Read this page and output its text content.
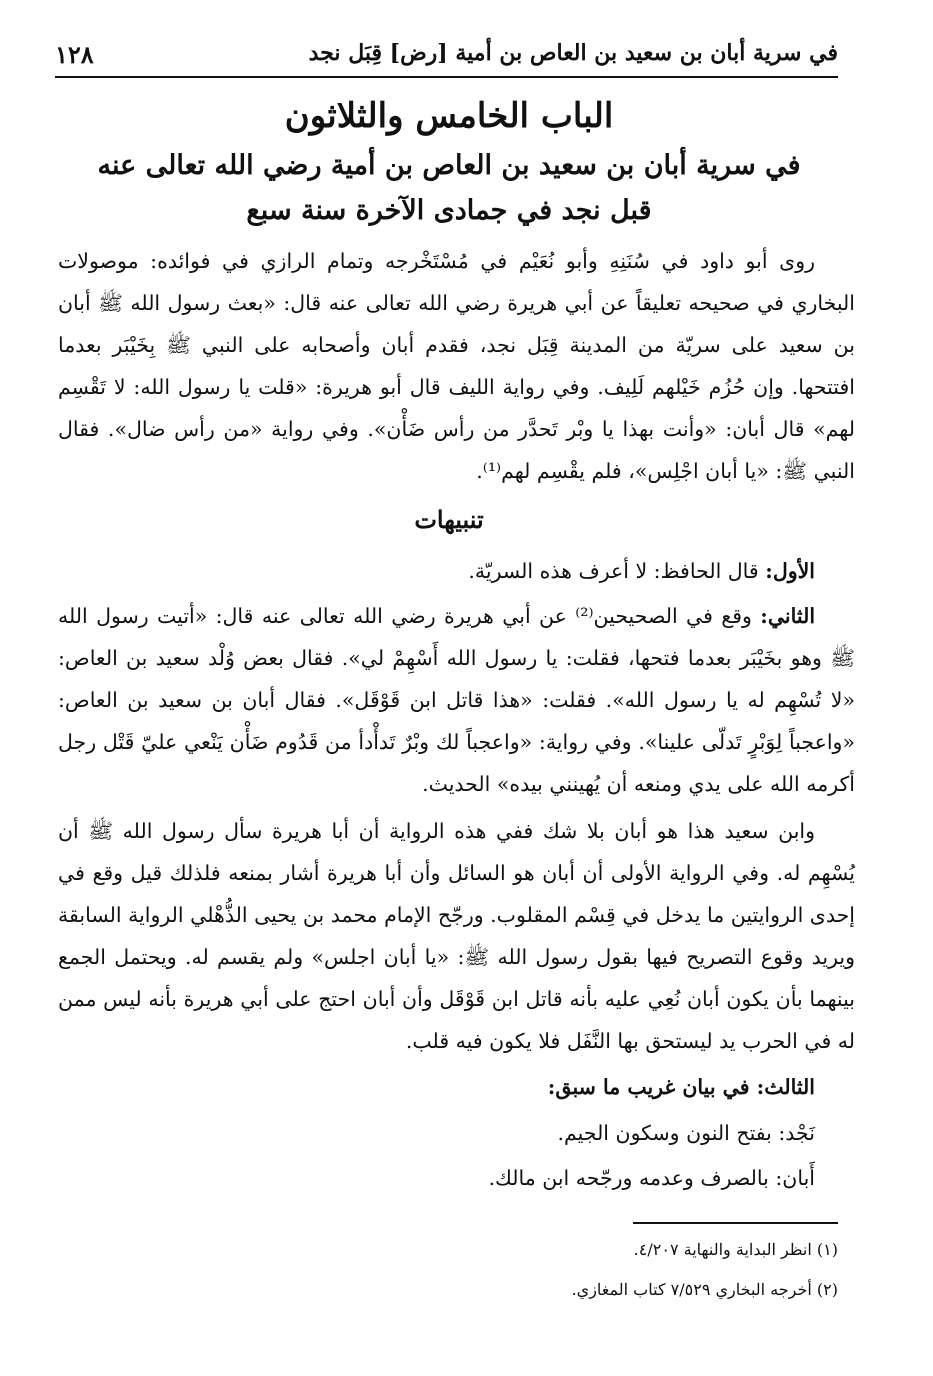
في سرية أبان بن سعيد بن العاص بن أمية [رض] قِبَل نجد
١٢٨
الباب الخامس والثلاثون
في سرية أبان بن سعيد بن العاص بن أمية رضي الله تعالى عنه
قبل نجد في جمادى الآخرة سنة سبع

روى أبو داود في سُنَنِهِ وأبو نُعَيْم في مُسْتَخْرجه وتمام الرازي في فوائده: موصولات البخاري في صحيحه تعليقاً عن أبي هريرة رضي الله تعالى عنه قال: «بعث رسول الله ﷺ أبان بن سعيد على سريّة من المدينة قِبَل نجد، فقدم أبان وأصحابه على النبي ﷺ بِخَيْبَر بعدما افتتحها. وإن حُزُم خَيْلهم لَلِيف. وفي رواية الليف قال أبو هريرة: «قلت يا رسول الله: لا تَقْسِم لهم» قال أبان: «وأنت بهذا يا وبْر تَحدَّر من رأس ضَأْن». وفي رواية «من رأس ضال». فقال النبي ﷺ: «يا أبان اجْلِس»، فلم يقْسِم لهم⁽¹⁾.

تنبيهات

الأول: قال الحافظ: لا أعرف هذه السريّة.

الثاني: وقع في الصحيحين⁽²⁾ عن أبي هريرة رضي الله تعالى عنه قال: «أتيت رسول الله ﷺ وهو بخَيْبَر بعدما فتحها، فقلت: يا رسول الله أَسْهِمْ لي». فقال بعض وُلْد سعيد بن العاص: «لا تُسْهِم له يا رسول الله». فقلت: «هذا قاتل ابن قَوْقَل». فقال أبان بن سعيد بن العاص: «واعجباً لِوَبْرٍ تَدلّى علينا». وفي رواية: «واعجباً لك وبْرٌ تَدأْدأ من قَدُوم ضَأْن يَنْعي عليّ قَتْل رجل أكرمه الله على يدي ومنعه أن يُهينني بيده» الحديث.

وابن سعيد هذا هو أبان بلا شك ففي هذه الرواية أن أبا هريرة سأل رسول الله ﷺ أن يُسْهِم له. وفي الرواية الأولى أن أبان هو السائل وأن أبا هريرة أشار بمنعه فلذلك قيل وقع في إحدى الروايتين ما يدخل في قِسْم المقلوب. ورجّح الإمام محمد بن يحيى الذُّهْلي الرواية السابقة ويريد وقوع التصريح فيها بقول رسول الله ﷺ: «يا أبان اجلس» ولم يقسم له. ويحتمل الجمع بينهما بأن يكون أبان نُعِي عليه بأنه قاتل ابن قَوْقَل وأن أبان احتج على أبي هريرة بأنه ليس ممن له في الحرب يد ليستحق بها النَّفَل فلا يكون فيه قلب.

الثالث: في بيان غريب ما سبق:

نَجْد: بفتح النون وسكون الجيم.

أَبان: بالصرف وعدمه ورجّحه ابن مالك.

(١) انظر البداية والنهاية ٤/٢٠٧.
(٢) أخرجه البخاري ٧/٥٢٩ كتاب المغازي.
